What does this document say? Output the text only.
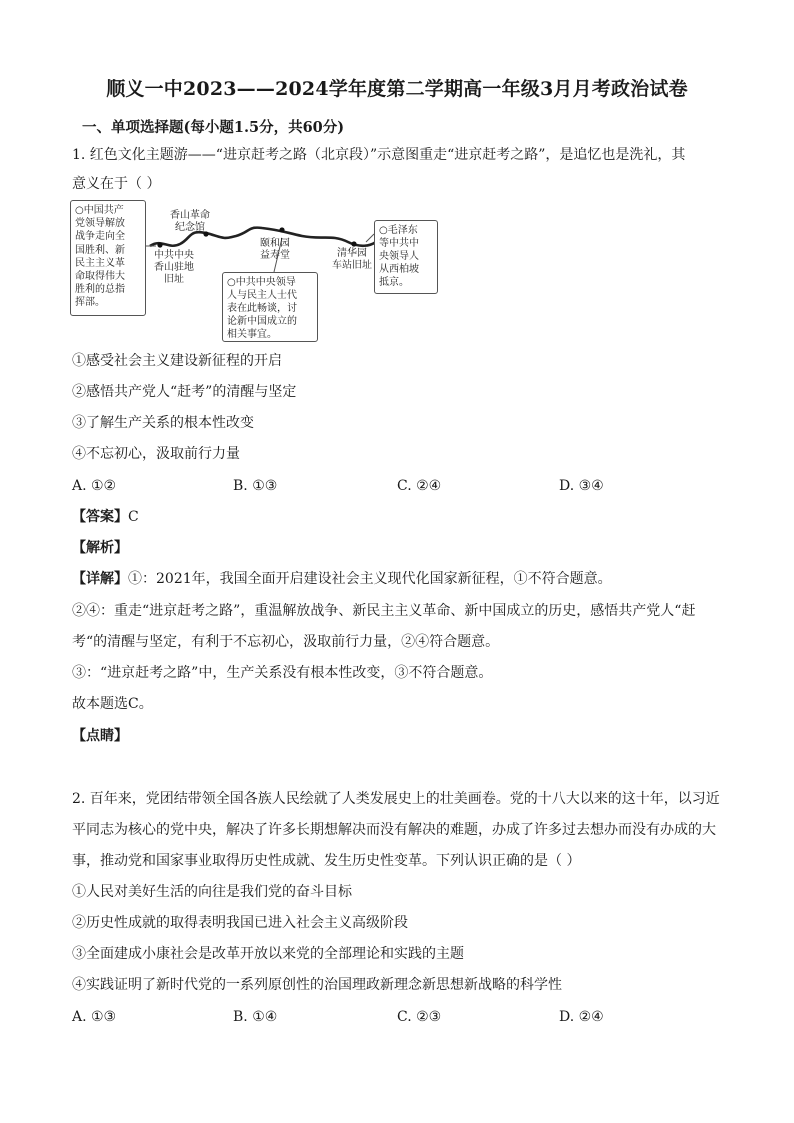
顺义一中2023——2024学年度第二学期高一年级3月月考政治试卷
一、单项选择题(每小题1.5分，共60分)
1. 红色文化主题游——“进京赶考之路（北京段）”示意图重走“进京赶考之路”，是追忆也是洗礼，其
意义在于（ ）
○中国共产
党领导解放
战争走向全
国胜利、新
民主主义革
命取得伟大
胜利的总指
挥部。
香山革命
纪念馆
中共中央
香山驻地
旧址
颐和园
益寿堂	清华园
车站旧址
○中共中央领导
人与民主人士代
表在此畅谈，讨
论新中国成立的
相关事宜。
○毛泽东
等中共中
央领导人
从西柏坡
抵京。
①感受社会主义建设新征程的开启
②感悟共产党人“赶考”的清醒与坚定
③了解生产关系的根本性改变
④不忘初心，汲取前行力量
A. ①②	B. ①③	C. ②④	D. ③④
【答案】C
【解析】
【详解】①：2021年，我国全面开启建设社会主义现代化国家新征程，①不符合题意。
②④：重走“进京赶考之路”，重温解放战争、新民主主义革命、新中国成立的历史，感悟共产党人“赶
考“的清醒与坚定，有利于不忘初心，汲取前行力量，②④符合题意。
③：“进京赶考之路”中，生产关系没有根本性改变，③不符合题意。
故本题选C。
【点睛】
2. 百年来，党团结带领全国各族人民绘就了人类发展史上的壮美画卷。党的十八大以来的这十年，以习近
平同志为核心的党中央，解决了许多长期想解决而没有解决的难题，办成了许多过去想办而没有办成的大
事，推动党和国家事业取得历史性成就、发生历史性变革。下列认识正确的是（ ）
①人民对美好生活的向往是我们党的奋斗目标
②历史性成就的取得表明我国已进入社会主义高级阶段
③全面建成小康社会是改革开放以来党的全部理论和实践的主题
④实践证明了新时代党的一系列原创性的治国理政新理念新思想新战略的科学性
A. ①③	B. ①④	C. ②③	D. ②④
